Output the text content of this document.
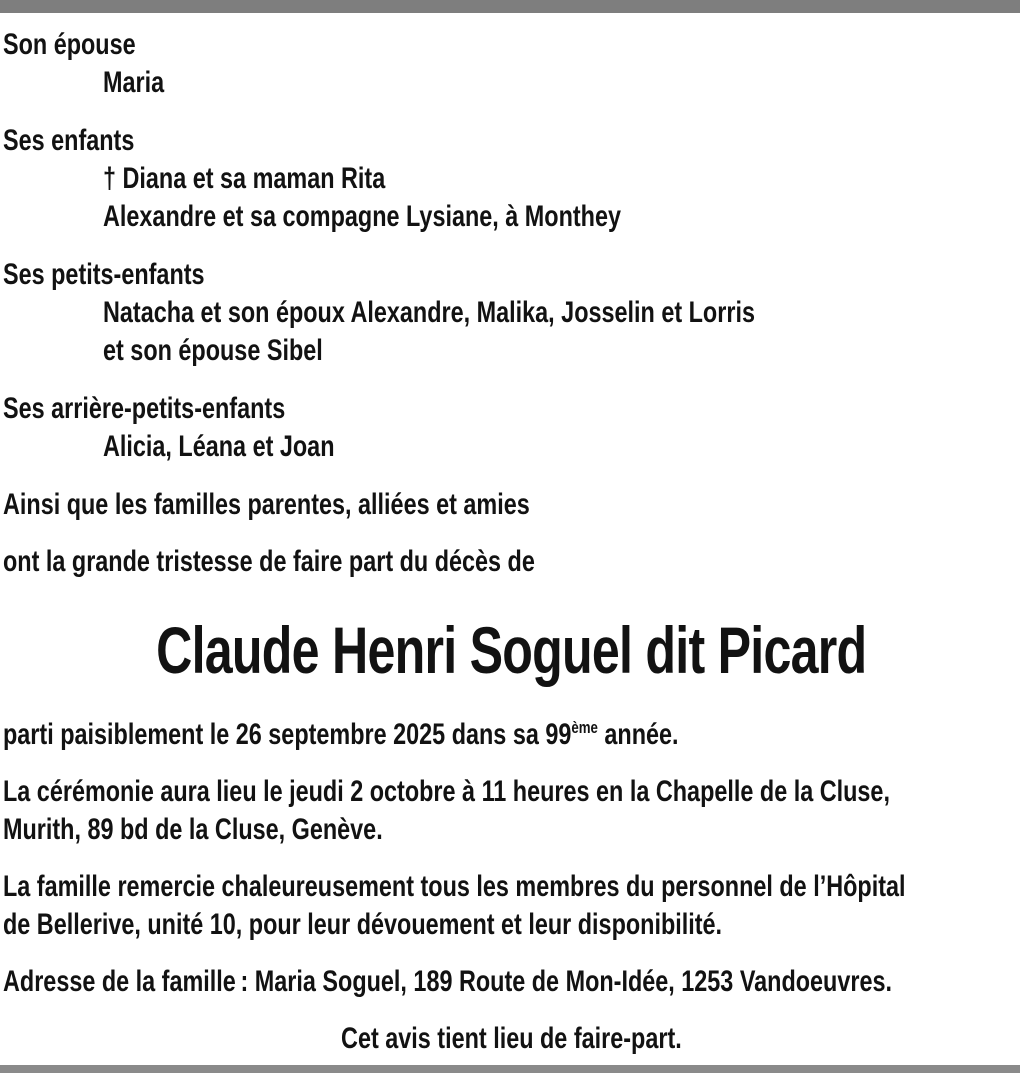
Son épouse
Maria
Ses enfants
† Diana et sa maman Rita
Alexandre et sa compagne Lysiane, à Monthey
Ses petits-enfants
Natacha et son époux Alexandre, Malika, Josselin et Lorris
et son épouse Sibel
Ses arrière-petits-enfants
Alicia, Léana et Joan
Ainsi que les familles parentes, alliées et amies
ont la grande tristesse de faire part du décès de
Claude Henri Soguel dit Picard
parti paisiblement le 26 septembre 2025 dans sa 99ème année.
La cérémonie aura lieu le jeudi 2 octobre à 11 heures en la Chapelle de la Cluse,
Murith, 89 bd de la Cluse, Genève.
La famille remercie chaleureusement tous les membres du personnel de l’Hôpital
de Bellerive, unité 10, pour leur dévouement et leur disponibilité.
Adresse de la famille : Maria Soguel, 189 Route de Mon-Idée, 1253 Vandoeuvres.
Cet avis tient lieu de faire-part.
